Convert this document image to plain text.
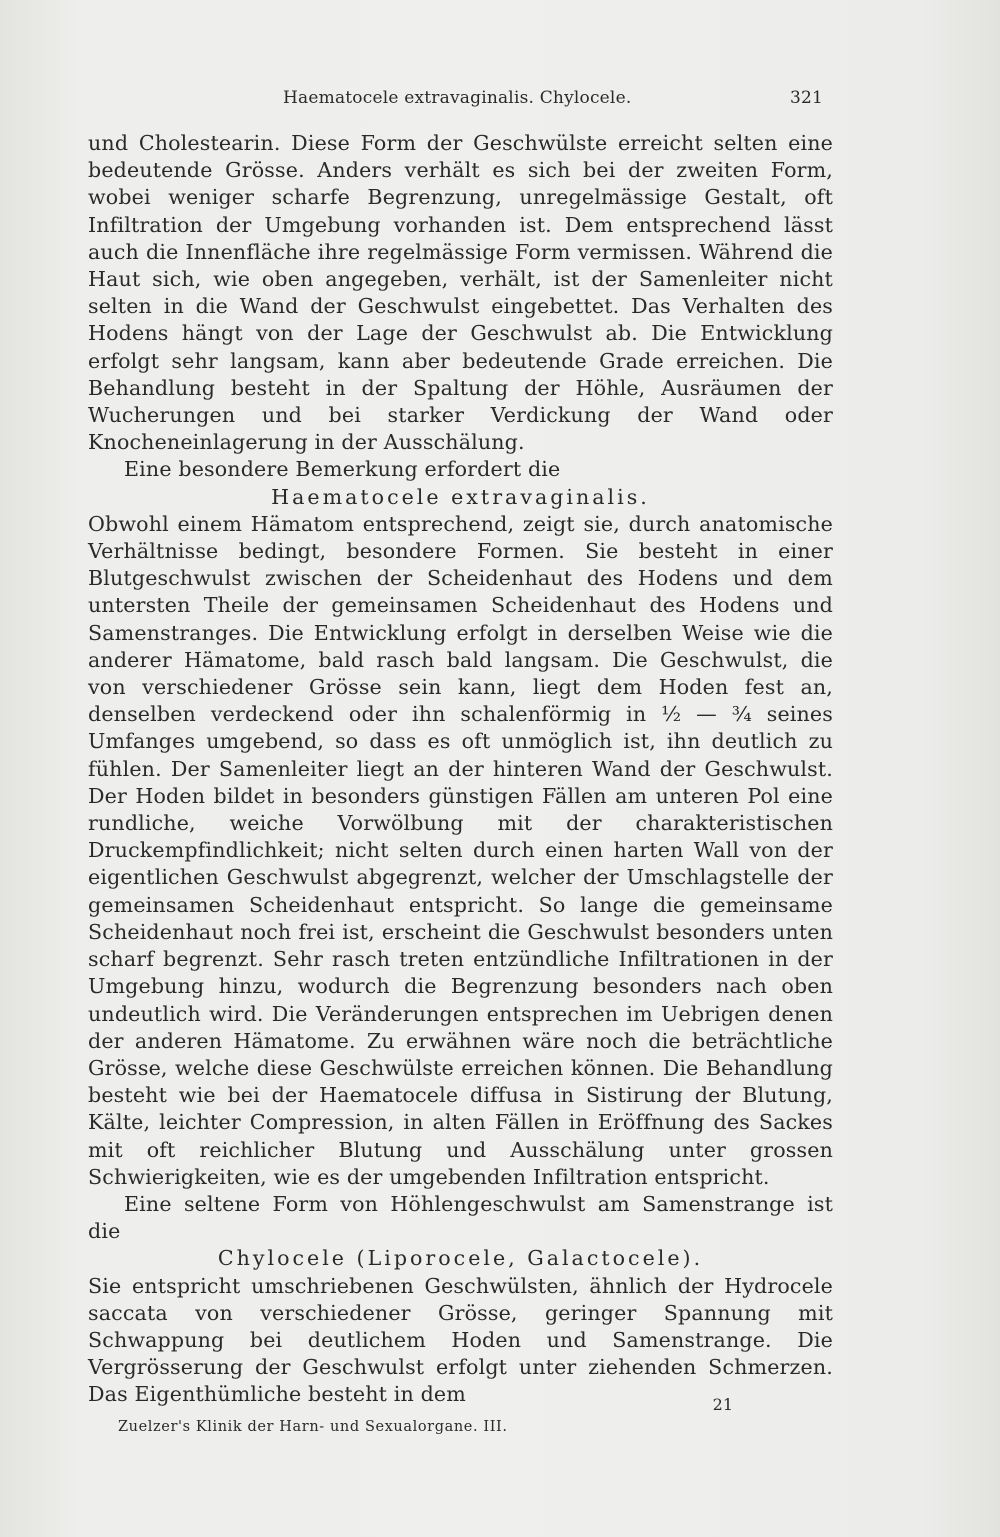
Haematocele extravaginalis. Chylocele.	321

und Cholestearin. Diese Form der Geschwülste erreicht selten eine bedeutende Grösse. Anders verhält es sich bei der zweiten Form, wobei weniger scharfe Begrenzung, unregelmässige Gestalt, oft Infiltration der Umgebung vorhanden ist. Dem entsprechend lässt auch die Innenfläche ihre regelmässige Form vermissen. Während die Haut sich, wie oben angegeben, verhält, ist der Samenleiter nicht selten in die Wand der Geschwulst eingebettet. Das Verhalten des Hodens hängt von der Lage der Geschwulst ab. Die Entwicklung erfolgt sehr langsam, kann aber bedeutende Grade erreichen. Die Behandlung besteht in der Spaltung der Höhle, Ausräumen der Wucherungen und bei starker Verdickung der Wand oder Knocheneinlagerung in der Ausschälung.

Eine besondere Bemerkung erfordert die

Haematocele extravaginalis.

Obwohl einem Hämatom entsprechend, zeigt sie, durch anatomische Verhältnisse bedingt, besondere Formen. Sie besteht in einer Blutgeschwulst zwischen der Scheidenhaut des Hodens und dem untersten Theile der gemeinsamen Scheidenhaut des Hodens und Samenstranges. Die Entwicklung erfolgt in derselben Weise wie die anderer Hämatome, bald rasch bald langsam. Die Geschwulst, die von verschiedener Grösse sein kann, liegt dem Hoden fest an, denselben verdeckend oder ihn schalenförmig in ½ — ¾ seines Umfanges umgebend, so dass es oft unmöglich ist, ihn deutlich zu fühlen. Der Samenleiter liegt an der hinteren Wand der Geschwulst. Der Hoden bildet in besonders günstigen Fällen am unteren Pol eine rundliche, weiche Vorwölbung mit der charakteristischen Druckempfindlichkeit; nicht selten durch einen harten Wall von der eigentlichen Geschwulst abgegrenzt, welcher der Umschlagstelle der gemeinsamen Scheidenhaut entspricht. So lange die gemeinsame Scheidenhaut noch frei ist, erscheint die Geschwulst besonders unten scharf begrenzt. Sehr rasch treten entzündliche Infiltrationen in der Umgebung hinzu, wodurch die Begrenzung besonders nach oben undeutlich wird. Die Veränderungen entsprechen im Uebrigen denen der anderen Hämatome. Zu erwähnen wäre noch die beträchtliche Grösse, welche diese Geschwülste erreichen können. Die Behandlung besteht wie bei der Haematocele diffusa in Sistirung der Blutung, Kälte, leichter Compression, in alten Fällen in Eröffnung des Sackes mit oft reichlicher Blutung und Ausschälung unter grossen Schwierigkeiten, wie es der umgebenden Infiltration entspricht.

Eine seltene Form von Höhlengeschwulst am Samenstrange ist die

Chylocele (Liporocele, Galactocele).

Sie entspricht umschriebenen Geschwülsten, ähnlich der Hydrocele saccata von verschiedener Grösse, geringer Spannung mit Schwappung bei deutlichem Hoden und Samenstrange. Die Vergrösserung der Geschwulst erfolgt unter ziehenden Schmerzen. Das Eigenthümliche besteht in dem	21
Zuelzer's Klinik der Harn- und Sexualorgane. III.
